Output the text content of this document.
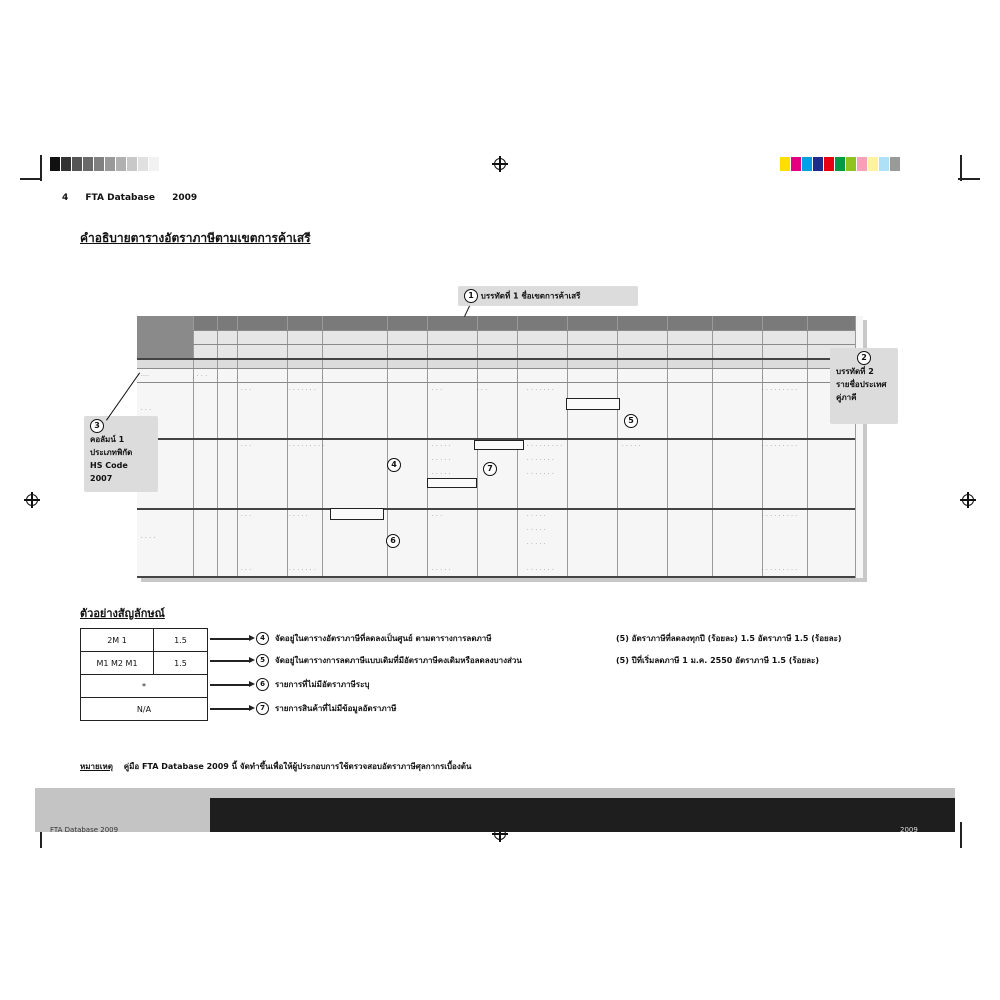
4 FTA Database 2009
คำอธิบายตารางอัตราภาษีตามเขตการค้าเสรี
....	. . .
. . .
. . . .
. . .
. . .
. . .
. . .
. . . . . . .
. . . . . . . . .
. . . . .
. . . . . . .
. . .
. . . . .
. . . . .
. . . . .
. . .
. . . . .
. . .	. . . . . . .
. . . . . . . . .
. . . . . . .
. . . . . . .
. . . . .
. . . . .
. . . . .
. . . . . . .
. . . . .
. . . . . . . . .
. . . . . . . . .
. . . . . . . . .
. . . . . . . . .
5
7
4
6
1 บรรทัดที่ 1 ชื่อเขตการค้าเสรี
2
บรรทัดที่ 2
รายชื่อประเทศ
คู่ภาคี
3
คอลัมน์ 1
ประเภทพิกัด
HS Code 2007
ตัวอย่างสัญลักษณ์
2M 1	1.5
M1 M2 M1	1.5
*	
N/A	
4	จัดอยู่ในตารางอัตราภาษีที่ลดลงเป็นศูนย์ ตามตารางการลดภาษี
5	จัดอยู่ในตารางการลดภาษีแบบเดิมที่มีอัตราภาษีคงเดิมหรือลดลงบางส่วน
6	รายการที่ไม่มีอัตราภาษีระบุ
7	รายการสินค้าที่ไม่มีข้อมูลอัตราภาษี
(5) อัตราภาษีที่ลดลงทุกปี (ร้อยละ) 1.5 อัตราภาษี 1.5 (ร้อยละ)
(5) ปีที่เริ่มลดภาษี 1 ม.ค. 2550 อัตราภาษี 1.5 (ร้อยละ)
หมายเหตุ คู่มือ FTA Database 2009 นี้ จัดทำขึ้นเพื่อให้ผู้ประกอบการใช้ตรวจสอบอัตราภาษีศุลกากรเบื้องต้น
FTA Database 2009	2009
